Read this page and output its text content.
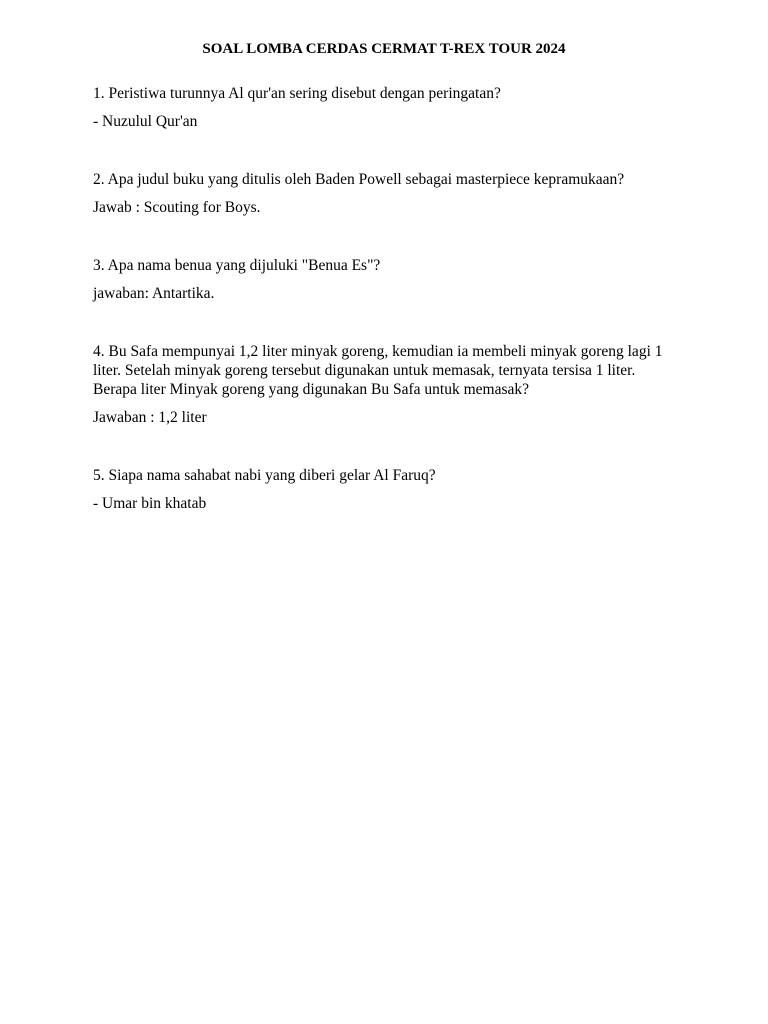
SOAL LOMBA CERDAS CERMAT T-REX TOUR 2024
1. Peristiwa turunnya Al qur'an sering disebut dengan peringatan?
- Nuzulul Qur'an
2. Apa judul buku yang ditulis oleh Baden Powell sebagai masterpiece kepramukaan?
Jawab : Scouting for Boys.
3. Apa nama benua yang dijuluki "Benua Es"?
jawaban: Antartika.
4. Bu Safa mempunyai 1,2 liter minyak goreng, kemudian ia membeli minyak goreng lagi 1 liter. Setelah minyak goreng tersebut digunakan untuk memasak, ternyata tersisa 1 liter. Berapa liter Minyak goreng yang digunakan Bu Safa untuk memasak?
Jawaban : 1,2 liter
5. Siapa nama sahabat nabi yang diberi gelar Al Faruq?
- Umar bin khatab
